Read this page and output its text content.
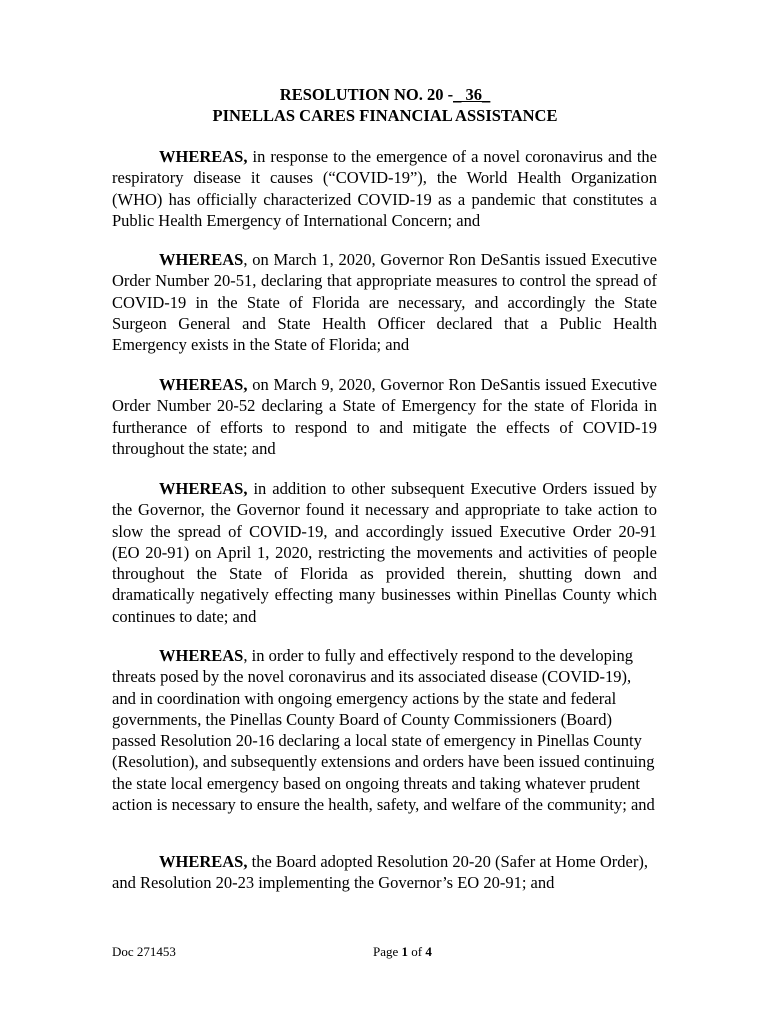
RESOLUTION NO. 20 -_ 36_
PINELLAS CARES FINANCIAL ASSISTANCE

WHEREAS, in response to the emergence of a novel coronavirus and the respiratory disease it causes (“COVID-19”), the World Health Organization (WHO) has officially characterized COVID-19 as a pandemic that constitutes a Public Health Emergency of International Concern; and

WHEREAS, on March 1, 2020, Governor Ron DeSantis issued Executive Order Number 20-51, declaring that appropriate measures to control the spread of COVID-19 in the State of Florida are necessary, and accordingly the State Surgeon General and State Health Officer declared that a Public Health Emergency exists in the State of Florida; and

WHEREAS, on March 9, 2020, Governor Ron DeSantis issued Executive Order Number 20-52 declaring a State of Emergency for the state of Florida in furtherance of efforts to respond to and mitigate the effects of COVID-19 throughout the state; and

WHEREAS, in addition to other subsequent Executive Orders issued by the Governor, the Governor found it necessary and appropriate to take action to slow the spread of COVID-19, and accordingly issued Executive Order 20-91 (EO 20-91) on April 1, 2020, restricting the movements and activities of people throughout the State of Florida as provided therein, shutting down and dramatically negatively effecting many businesses within Pinellas County which continues to date; and

WHEREAS, in order to fully and effectively respond to the developing threats posed by the novel coronavirus and its associated disease (COVID-19), and in coordination with ongoing emergency actions by the state and federal governments, the Pinellas County Board of County Commissioners (Board) passed Resolution 20-16 declaring a local state of emergency in Pinellas County (Resolution), and subsequently extensions and orders have been issued continuing the state local emergency based on ongoing threats and taking whatever prudent action is necessary to ensure the health, safety, and welfare of the community; and

WHEREAS, the Board adopted Resolution 20-20 (Safer at Home Order), and Resolution 20-23 implementing the Governor’s EO 20-91; and

Doc 271453	Page 1 of 4
